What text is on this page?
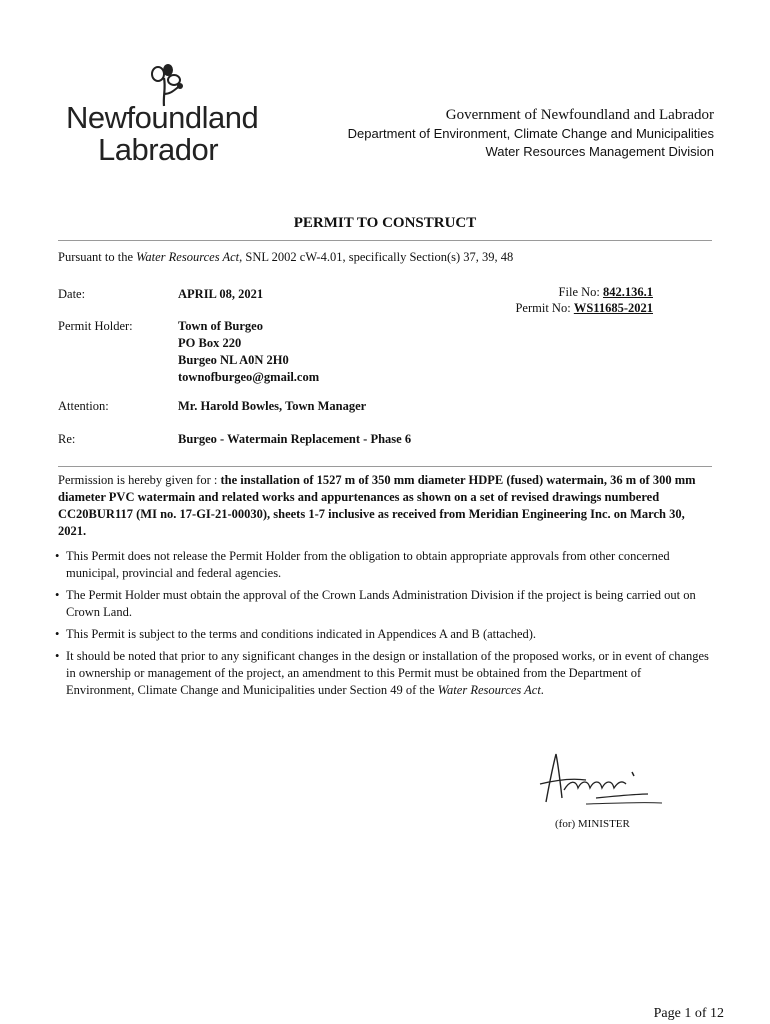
Newfoundland
Labrador
Government of Newfoundland and Labrador
Department of Environment, Climate Change and Municipalities
Water Resources Management Division
PERMIT TO CONSTRUCT
Pursuant to the Water Resources Act, SNL 2002 cW-4.01, specifically Section(s) 37, 39, 48
Date:	APRIL 08, 2021	File No: 842.136.1
Permit No: WS11685-2021
Permit Holder:	Town of Burgeo
PO Box 220
Burgeo NL A0N 2H0
townofburgeo@gmail.com
Attention:	Mr. Harold Bowles, Town Manager
Re:	Burgeo - Watermain Replacement - Phase 6
Permission is hereby given for : the installation of 1527 m of 350 mm diameter HDPE (fused) watermain, 36 m of 300 mm diameter PVC watermain and related works and appurtenances as shown on a set of revised drawings numbered CC20BUR117 (MI no. 17-GI-21-00030), sheets 1-7 inclusive as received from Meridian Engineering Inc. on March 30, 2021.
• This Permit does not release the Permit Holder from the obligation to obtain appropriate approvals from other concerned municipal, provincial and federal agencies.
• The Permit Holder must obtain the approval of the Crown Lands Administration Division if the project is being carried out on Crown Land.
• This Permit is subject to the terms and conditions indicated in Appendices A and B (attached).
• It should be noted that prior to any significant changes in the design or installation of the proposed works, or in event of changes in ownership or management of the project, an amendment to this Permit must be obtained from the Department of Environment, Climate Change and Municipalities under Section 49 of the Water Resources Act.
(for) MINISTER
Page 1 of 12
